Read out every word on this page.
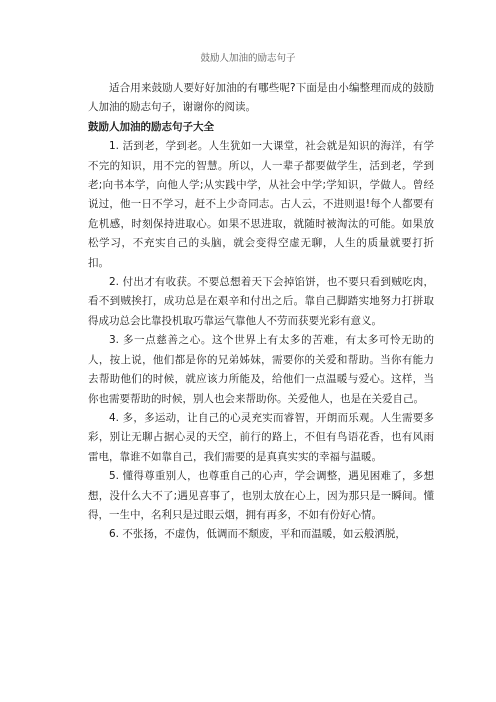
鼓励人加油的励志句子

适合用来鼓励人要好好加油的有哪些呢?下面是由小编整理而成的鼓励人加油的励志句子，谢谢你的阅读。

鼓励人加油的励志句子大全

1. 活到老，学到老。人生犹如一大课堂，社会就是知识的海洋，有学不完的知识，用不完的智慧。所以，人一辈子都要做学生，活到老，学到老;向书本学，向他人学;从实践中学，从社会中学;学知识，学做人。曾经说过，他一日不学习，赶不上少奇同志。古人云，不进则退!每个人都要有危机感，时刻保持进取心。如果不思进取，就随时被淘汰的可能。如果放松学习，不充实自己的头脑，就会变得空虚无聊，人生的质量就要打折扣。

2. 付出才有收获。不要总想着天下会掉馅饼，也不要只看到贼吃肉，看不到贼挨打，成功总是在艰辛和付出之后。靠自己脚踏实地努力打拼取得成功总会比靠投机取巧靠运气靠他人不劳而获要光彩有意义。

3. 多一点慈善之心。这个世界上有太多的苦难，有太多可怜无助的人，按上说，他们都是你的兄弟姊妹，需要你的关爱和帮助。当你有能力去帮助他们的时候，就应该力所能及，给他们一点温暖与爱心。这样，当你也需要帮助的时候，别人也会来帮助你。关爱他人，也是在关爱自己。

4. 多，多运动，让自己的心灵充实而睿智，开朗而乐观。人生需要多彩，别让无聊占据心灵的天空，前行的路上，不但有鸟语花香，也有风雨雷电，靠谁不如靠自己，我们需要的是真真实实的幸福与温暖。

5. 懂得尊重别人，也尊重自己的心声，学会调整，遇见困难了，多想想，没什么大不了;遇见喜事了，也别太放在心上，因为那只是一瞬间。懂得，一生中，名利只是过眼云烟，拥有再多，不如有份好心情。

6. 不张扬，不虚伪，低调而不颓废，平和而温暖，如云般洒脱，
